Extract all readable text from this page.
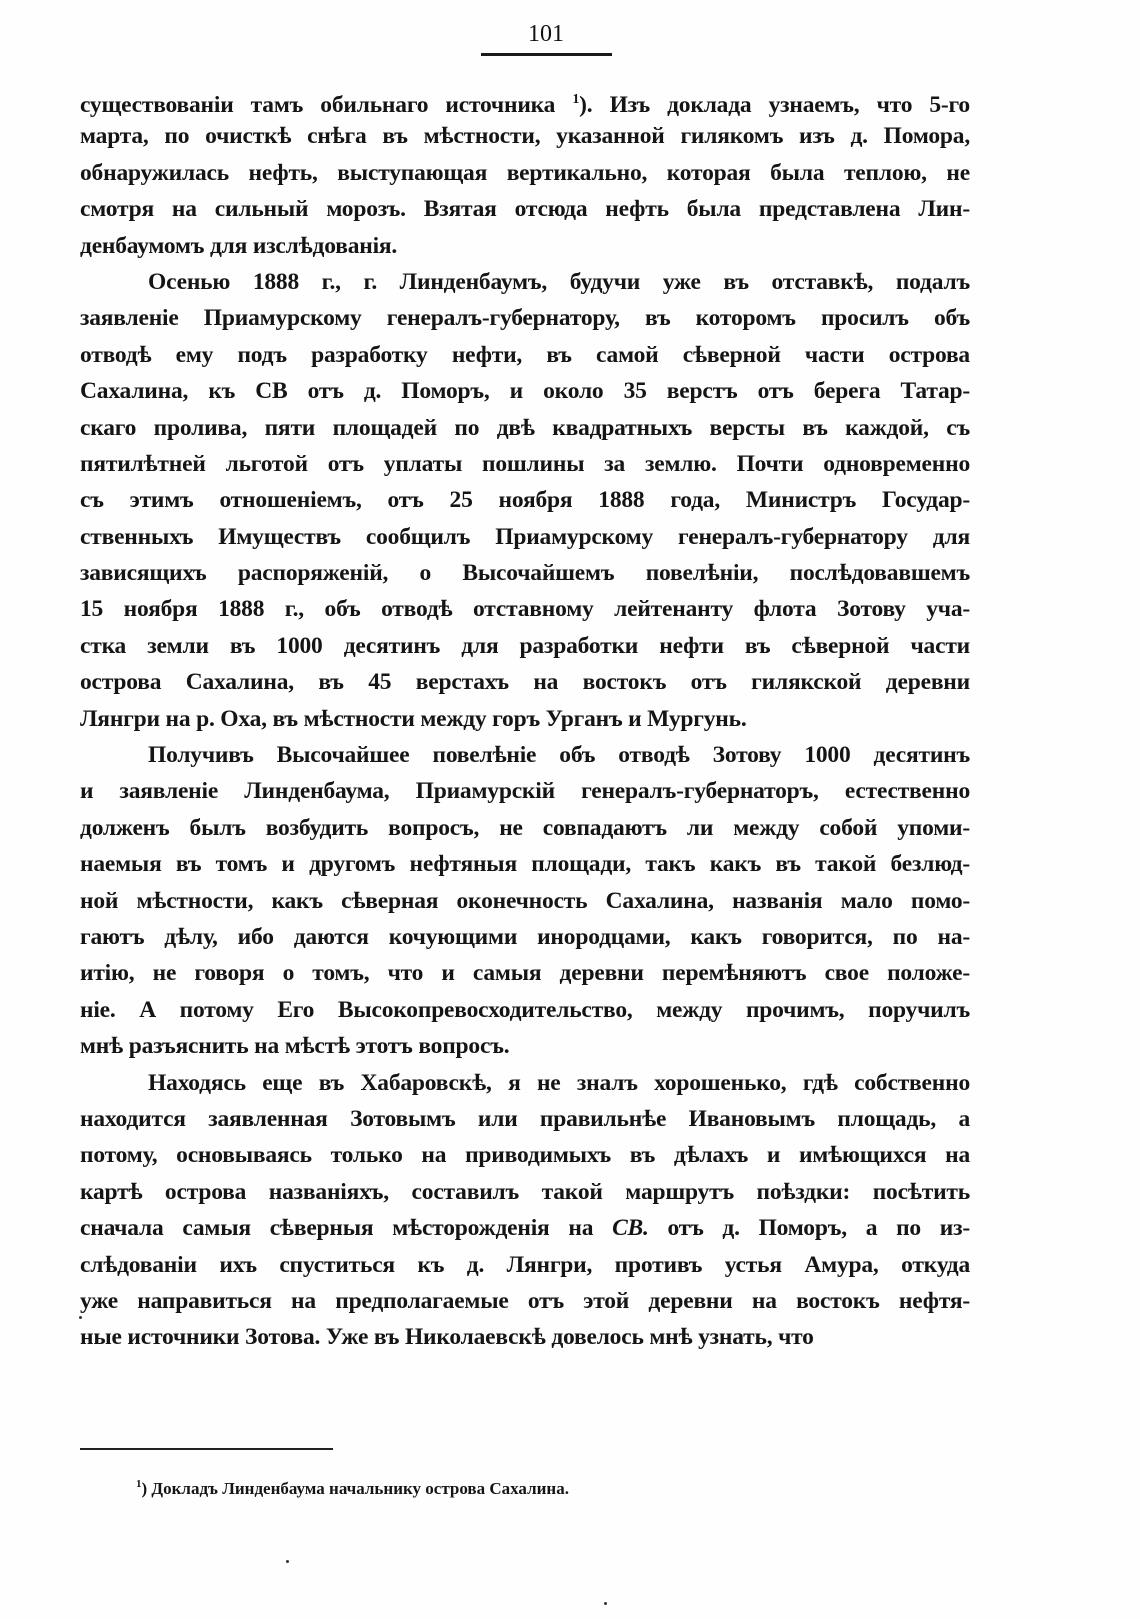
101
существованіи тамъ обильнаго источника $^1$). Изъ доклада узнаемъ, что 5-го
марта, по очисткѣ снѣга въ мѣстности, указанной гилякомъ изъ д. Помора,
обнаружилась нефть, выступающая вертикально, которая была теплою, не
смотря на сильный морозъ. Взятая отсюда нефть была представлена Лин-
денбаумомъ для изслѣдованія.
Осенью 1888 г., г. Линденбаумъ, будучи уже въ отставкѣ, подалъ
заявленіе Приамурскому генералъ-губернатору, въ которомъ просилъ объ
отводѣ ему подъ разработку нефти, въ самой сѣверной части острова
Сахалина, къ СВ отъ д. Поморъ, и около 35 верстъ отъ берега Татар-
скаго пролива, пяти площадей по двѣ квадратныхъ версты въ каждой, съ
пятилѣтней льготой отъ уплаты пошлины за землю. Почти одновременно
съ этимъ отношеніемъ, отъ 25 ноября 1888 года, Министръ Государ-
ственныхъ Имуществъ сообщилъ Приамурскому генералъ-губернатору для
зависящихъ распоряженій, о Высочайшемъ повелѣніи, послѣдовавшемъ
15 ноября 1888 г., объ отводѣ отставному лейтенанту флота Зотову уча-
стка земли въ 1000 десятинъ для разработки нефти въ сѣверной части
острова Сахалина, въ 45 верстахъ на востокъ отъ гилякской деревни
Лянгри на р. Оха, въ мѣстности между горъ Урганъ и Мургунь.
Получивъ Высочайшее повелѣніе объ отводѣ Зотову 1000 десятинъ
и заявленіе Линденбаума, Приамурскій генералъ-губернаторъ, естественно
долженъ былъ возбудить вопросъ, не совпадаютъ ли между собой упоми-
наемыя въ томъ и другомъ нефтяныя площади, такъ какъ въ такой безлюд-
ной мѣстности, какъ сѣверная оконечность Сахалина, названія мало помо-
гаютъ дѣлу, ибо даются кочующими инородцами, какъ говорится, по на-
итію, не говоря о томъ, что и самыя деревни перемѣняютъ свое положе-
ніе. А потому Его Высокопревосходительство, между прочимъ, поручилъ
мнѣ разъяснить на мѣстѣ этотъ вопросъ.
Находясь еще въ Хабаровскѣ, я не зналъ хорошенько, гдѣ собственно
находится заявленная Зотовымъ или правильнѣе Ивановымъ площадь, а
потому, основываясь только на приводимыхъ въ дѣлахъ и имѣющихся на
картѣ острова названіяхъ, составилъ такой маршрутъ поѣздки: посѣтить
сначала самыя сѣверныя мѣсторожденія на СВ. отъ д. Поморъ, а по из-
слѣдованіи ихъ спуститься къ д. Лянгри, противъ устья Амура, откуда
уже направиться на предполагаемые отъ этой деревни на востокъ нефтя-
ные источники Зотова. Уже въ Николаевскѣ довелось мнѣ узнать, что
$^1$) Докладъ Линденбаума начальнику острова Сахалина.
